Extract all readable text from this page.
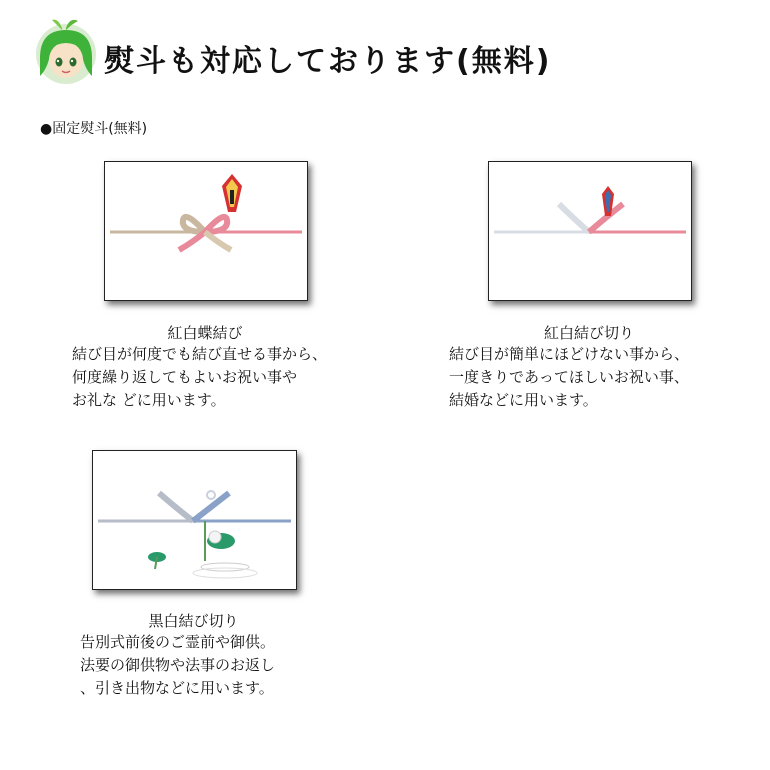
熨斗も対応しております(無料)
●固定熨斗(無料)
紅白蝶結び
結び目が何度でも結び直せる事から、
何度繰り返してもよいお祝い事や
お礼な どに用います。
紅白結び切り
結び目が簡単にほどけない事から、
一度きりであってほしいお祝い事、
結婚などに用います。
黒白結び切り
告別式前後のご霊前や御供。
法要の御供物や法事のお返し
、引き出物などに用います。
